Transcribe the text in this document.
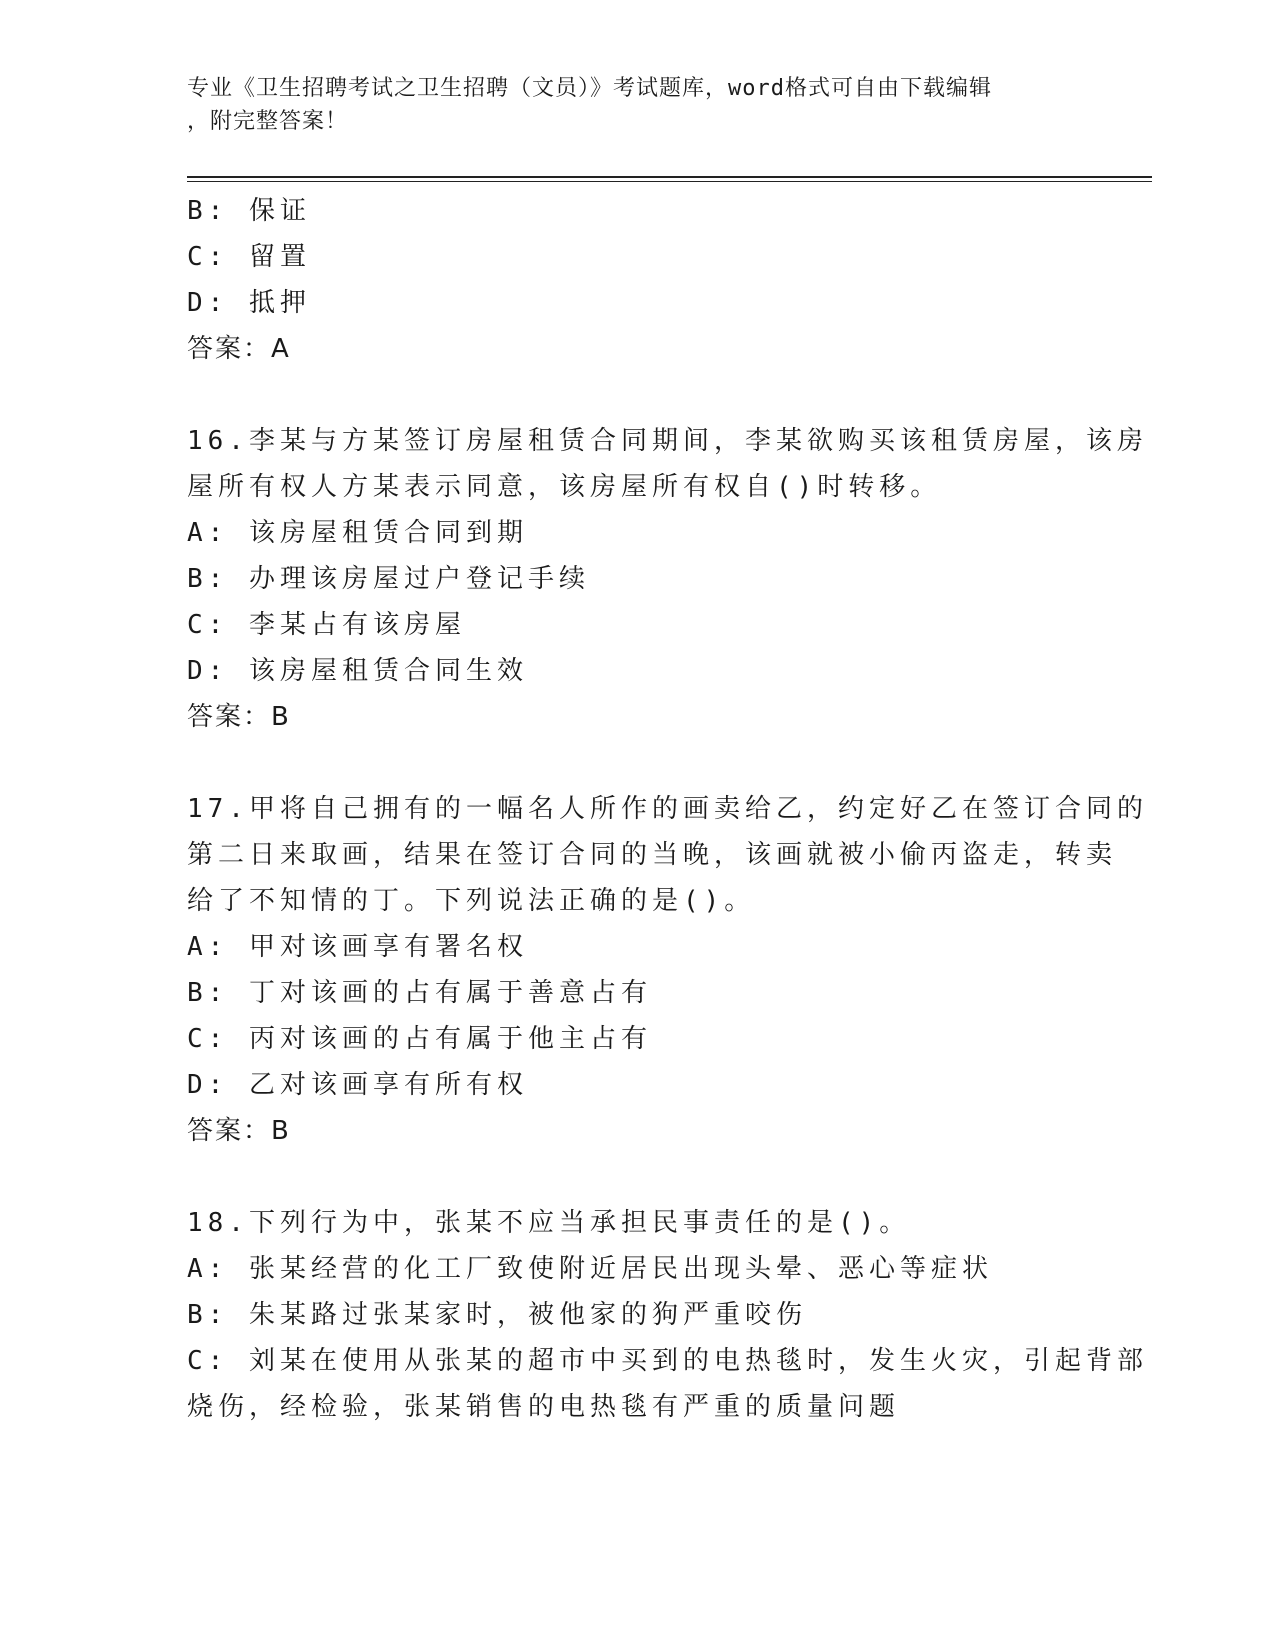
专业《卫生招聘考试之卫生招聘（文员）》考试题库，word格式可自由下载编辑
，附完整答案！
B: 保证
C: 留置
D: 抵押
答案：A
16.李某与方某签订房屋租赁合同期间，李某欲购买该租赁房屋，该房
屋所有权人方某表示同意，该房屋所有权自()时转移。
A: 该房屋租赁合同到期
B: 办理该房屋过户登记手续
C: 李某占有该房屋
D: 该房屋租赁合同生效
答案：B
17.甲将自己拥有的一幅名人所作的画卖给乙，约定好乙在签订合同的
第二日来取画，结果在签订合同的当晚，该画就被小偷丙盗走，转卖
给了不知情的丁。下列说法正确的是()。
A: 甲对该画享有署名权
B: 丁对该画的占有属于善意占有
C: 丙对该画的占有属于他主占有
D: 乙对该画享有所有权
答案：B
18.下列行为中，张某不应当承担民事责任的是()。
A: 张某经营的化工厂致使附近居民出现头晕、恶心等症状
B: 朱某路过张某家时，被他家的狗严重咬伤
C: 刘某在使用从张某的超市中买到的电热毯时，发生火灾，引起背部
烧伤，经检验，张某销售的电热毯有严重的质量问题
